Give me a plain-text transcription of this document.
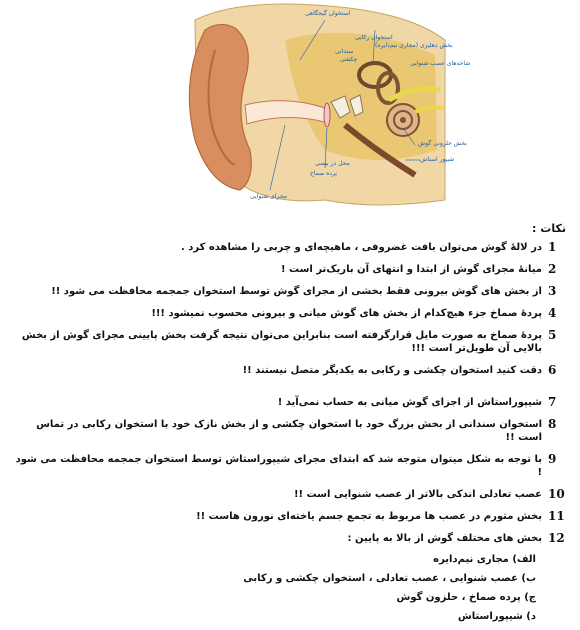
استخوان گیجگاهی
استخوان رکابی
بخش دهلیزی (مجاری نیم‌دایره)
سندانی
چکشی
شاخه‌های عصب شنوایی
بخش حلزونی گوش
شیپور استاش
محل در بیضی
پرده صماخ
مجرای شنوایی
نکات :
1
در لالهٔ گوش می‌توان بافت غضروفی ، ماهیچه‌ای و چربی را مشاهده کرد .
2
میانهٔ مجرای گوش از ابتدا و انتهای آن باریک‌تر است !
3
از بخش های گوش بیرونی فقط بخشی از مجرای گوش توسط استخوان جمجمه محافظت می شود !!
4
پردهٔ صماخ جزء هیچ‌کدام از بخش های گوش میانی و بیرونی محسوب نمیشود !!!
5
پردهٔ صماخ به صورت مایل قرارگرفته است بنابراین می‌توان نتیجه گرفت بخش پایینی مجرای گوش از بخش بالایی آن طویل‌تر است !!!
6
دقت کنید استخوان چکشی و رکابی به یکدیگر متصل نیستند !!
7
شیپوراستاش از اجزای گوش میانی به حساب نمی‌آید !
8
استخوان سندانی از بخش بزرگ خود با استخوان چکشی و از بخش نازک خود با استخوان رکابی در تماس است !!
9
با توجه به شکل میتوان متوجه شد که ابتدای مجرای شیپوراستاش توسط استخوان جمجمه محافظت می شود !
10
عصب تعادلی اندکی بالاتر از عصب شنوایی است !!
11
بخش متورم در عصب ها مربوط به تجمع جسم یاخته‌ای نورون هاست !!
12
بخش های مختلف گوش از بالا به پایین :
الف) مجاری نیم‌دایره
ب) عصب شنوایی ، عصب تعادلی ، استخوان چکشی و رکابی
ج) پرده صماخ ، حلزون گوش
د) شیپوراستاش
